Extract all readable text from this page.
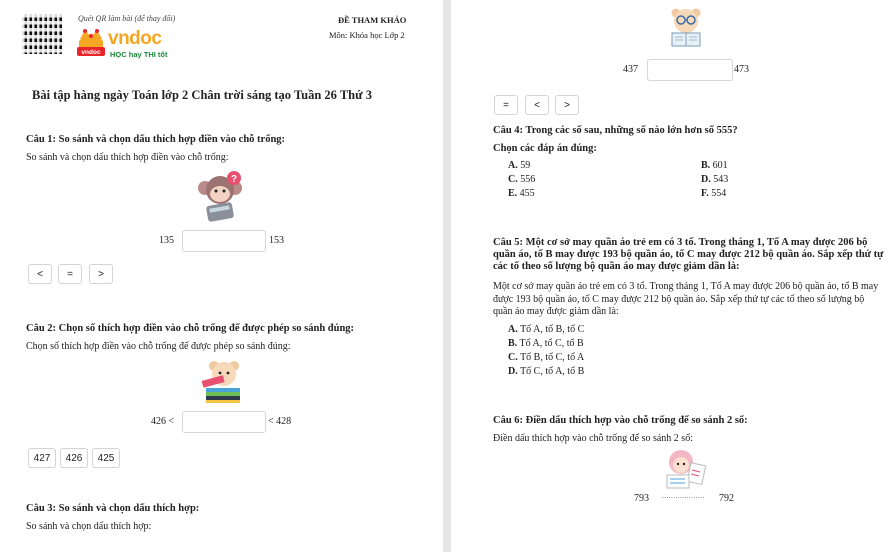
Quét QR làm bài (để thay đổi)
vndoc
vndoc
HỌC hay THI tốt
ĐỀ THAM KHẢO
Môn: Khóa học Lớp 2
Bài tập hàng ngày Toán lớp 2 Chân trời sáng tạo Tuần 26 Thứ 3
Câu 1: So sánh và chọn dấu thích hợp điền vào chỗ trống:
So sánh và chọn dấu thích hợp điền vào chỗ trống:
?
135	153
<	=	>
Câu 2: Chọn số thích hợp điền vào chỗ trống để được phép so sánh đúng:
Chọn số thích hợp điền vào chỗ trống để được phép so sánh đúng:
426 <	< 428
427	426	425
Câu 3: So sánh và chọn dấu thích hợp:
So sánh và chọn dấu thích hợp:
437	473
=	<	>
Câu 4: Trong các số sau, những số nào lớn hơn số 555?
Chọn các đáp án đúng:
A. 59	B. 601
C. 556	D. 543
E. 455	F. 554
Câu 5: Một cơ sở may quần áo trẻ em có 3 tổ. Trong tháng 1, Tổ A may được 206 bộ quần áo, tổ B may được 193 bộ quần áo, tổ C may được 212 bộ quần áo. Sắp xếp thứ tự các tổ theo số lượng bộ quần áo may được giảm dần là:
Một cơ sở may quần áo trẻ em có 3 tổ. Trong tháng 1, Tổ A may được 206 bộ quần áo, tổ B may được 193 bộ quần áo, tổ C may được 212 bộ quần áo. Sắp xếp thứ tự các tổ theo số lượng bộ quần áo may được giảm dần là:
A. Tổ A, tổ B, tổ C
B. Tổ A, tổ C, tổ B
C. Tổ B, tổ C, tổ A
D. Tổ C, tổ A, tổ B
Câu 6: Điền dấu thích hợp vào chỗ trống để so sánh 2 số:
Điền dấu thích hợp vào chỗ trống để so sánh 2 số:
793 ................... 792
